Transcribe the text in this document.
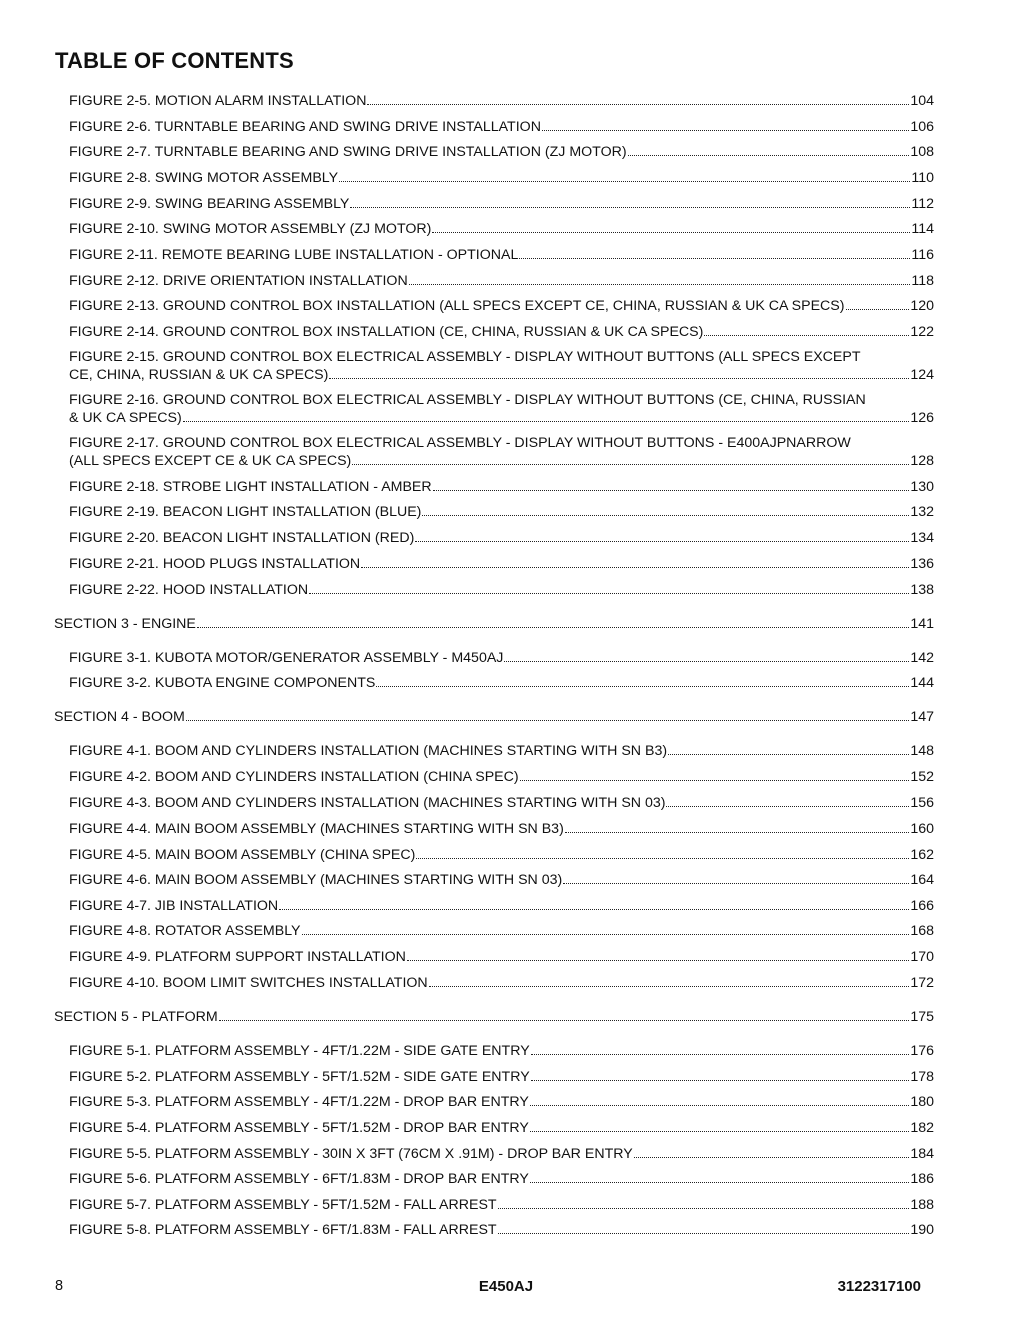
TABLE OF CONTENTS
FIGURE 2-5. MOTION ALARM INSTALLATION	104
FIGURE 2-6. TURNTABLE BEARING AND SWING DRIVE INSTALLATION	106
FIGURE 2-7. TURNTABLE BEARING AND SWING DRIVE INSTALLATION (ZJ MOTOR)	108
FIGURE 2-8. SWING MOTOR ASSEMBLY	110
FIGURE 2-9. SWING BEARING ASSEMBLY	112
FIGURE 2-10. SWING MOTOR ASSEMBLY (ZJ MOTOR)	114
FIGURE 2-11. REMOTE BEARING LUBE INSTALLATION - OPTIONAL	116
FIGURE 2-12. DRIVE ORIENTATION INSTALLATION	118
FIGURE 2-13. GROUND CONTROL BOX INSTALLATION (ALL SPECS EXCEPT CE, CHINA, RUSSIAN & UK CA SPECS)	120
FIGURE 2-14. GROUND CONTROL BOX INSTALLATION (CE, CHINA, RUSSIAN & UK CA SPECS)	122
FIGURE 2-15. GROUND CONTROL BOX ELECTRICAL ASSEMBLY - DISPLAY WITHOUT BUTTONS (ALL SPECS EXCEPT
CE, CHINA, RUSSIAN & UK CA SPECS)	124
FIGURE 2-16. GROUND CONTROL BOX ELECTRICAL ASSEMBLY - DISPLAY WITHOUT BUTTONS (CE, CHINA, RUSSIAN
& UK CA SPECS)	126
FIGURE 2-17. GROUND CONTROL BOX ELECTRICAL ASSEMBLY - DISPLAY WITHOUT BUTTONS - E400AJPNARROW
(ALL SPECS EXCEPT CE & UK CA SPECS)	128
FIGURE 2-18. STROBE LIGHT INSTALLATION - AMBER	130
FIGURE 2-19. BEACON LIGHT INSTALLATION (BLUE)	132
FIGURE 2-20. BEACON LIGHT INSTALLATION (RED)	134
FIGURE 2-21. HOOD PLUGS INSTALLATION	136
FIGURE 2-22. HOOD INSTALLATION	138
SECTION 3 - ENGINE	141
FIGURE 3-1. KUBOTA MOTOR/GENERATOR ASSEMBLY - M450AJ	142
FIGURE 3-2. KUBOTA ENGINE COMPONENTS	144
SECTION 4 - BOOM	147
FIGURE 4-1. BOOM AND CYLINDERS INSTALLATION (MACHINES STARTING WITH SN B3)	148
FIGURE 4-2. BOOM AND CYLINDERS INSTALLATION (CHINA SPEC)	152
FIGURE 4-3. BOOM AND CYLINDERS INSTALLATION (MACHINES STARTING WITH SN 03)	156
FIGURE 4-4. MAIN BOOM ASSEMBLY (MACHINES STARTING WITH SN B3)	160
FIGURE 4-5. MAIN BOOM ASSEMBLY (CHINA SPEC)	162
FIGURE 4-6. MAIN BOOM ASSEMBLY (MACHINES STARTING WITH SN 03)	164
FIGURE 4-7. JIB INSTALLATION	166
FIGURE 4-8. ROTATOR ASSEMBLY	168
FIGURE 4-9. PLATFORM SUPPORT INSTALLATION	170
FIGURE 4-10. BOOM LIMIT SWITCHES INSTALLATION	172
SECTION 5 - PLATFORM	175
FIGURE 5-1. PLATFORM ASSEMBLY - 4FT/1.22M - SIDE GATE ENTRY	176
FIGURE 5-2. PLATFORM ASSEMBLY - 5FT/1.52M - SIDE GATE ENTRY	178
FIGURE 5-3. PLATFORM ASSEMBLY - 4FT/1.22M - DROP BAR ENTRY	180
FIGURE 5-4. PLATFORM ASSEMBLY - 5FT/1.52M - DROP BAR ENTRY	182
FIGURE 5-5. PLATFORM ASSEMBLY - 30IN X 3FT (76CM X .91M) - DROP BAR ENTRY	184
FIGURE 5-6. PLATFORM ASSEMBLY - 6FT/1.83M - DROP BAR ENTRY	186
FIGURE 5-7. PLATFORM ASSEMBLY - 5FT/1.52M - FALL ARREST	188
FIGURE 5-8. PLATFORM ASSEMBLY - 6FT/1.83M - FALL ARREST	190
8	E450AJ	3122317100
